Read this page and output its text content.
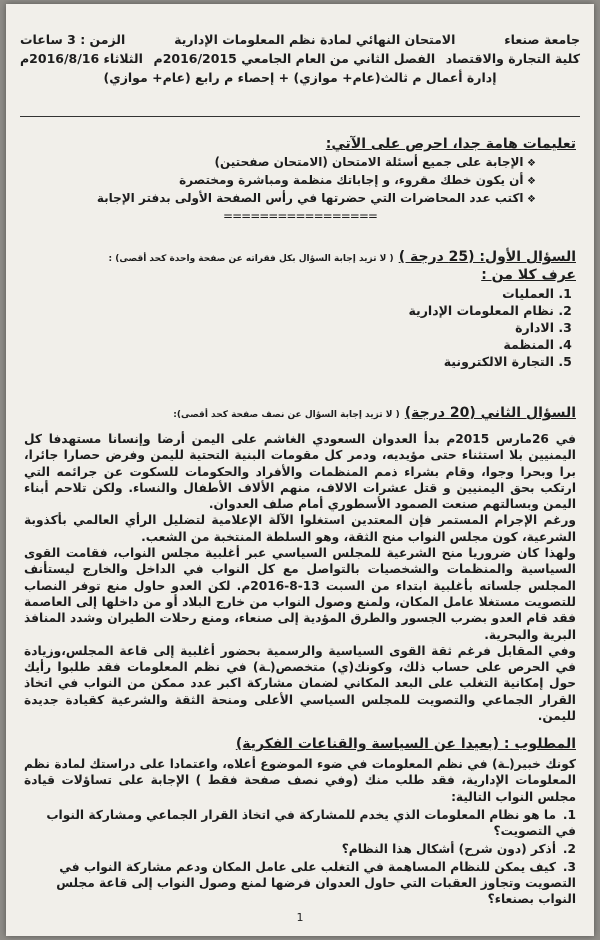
جامعة صنعاء
الامتحان النهائي لمادة نظم المعلومات الإدارية
الزمن : 3 ساعات
كلية التجارة والاقتصاد
الفصل الثاني من العام الجامعي 2016/2015م
الثلاثاء 2016/8/16م
إدارة أعمال م ثالث(عام+ موازي) + إحصاء م رابع (عام+ موازي)
تعليمات هامة جدا، احرص على الآتي:
❖ الإجابة على جميع أسئلة الامتحان (الامتحان صفحتين)
❖ أن يكون خطك مقروء، و إجاباتك منظمة ومباشرة ومختصرة
❖ اكتب عدد المحاضرات التي حضرتها في رأس الصفحة الأولى بدفتر الإجابة
=================
السؤال الأول: (25 درجة ) ( لا تزيد إجابة السؤال بكل فقراته عن صفحة واحدة كحد أقصى) :
عرف كلا من :
1. العمليات
2. نظام المعلومات الإدارية
3. الادارة
4. المنظمة
5. التجارة الالكترونية
السؤال الثاني (20 درجة) ( لا تزيد إجابة السؤال عن نصف صفحة كحد أقصى):
في 26مارس 2015م بدأ العدوان السعودي الغاشم على اليمن أرضا وإنسانا مستهدفا كل اليمنيين بلا استثناء حتى مؤيديه، ودمر كل مقومات البنية التحتية لليمن وفرض حصارا جائرا، برا وبحرا وجوا، وقام بشراء ذمم المنظمات والأفراد والحكومات للسكوت عن جرائمه التي ارتكب بحق اليمنيين و قتل عشرات الالاف، منهم الألاف الأطفال والنساء. ولكن تلاحم أبناء اليمن وبسالتهم صنعت الصمود الأسطوري أمام صلف العدوان.
ورغم الإجرام المستمر فإن المعتدين استغلوا الآلة الإعلامية لتضليل الرأي العالمي بأكذوبة الشرعية، كون مجلس النواب منح الثقة، وهو السلطة المنتخبة من الشعب.
ولهذا كان ضروريا منح الشرعية للمجلس السياسي عبر أغلبية مجلس النواب، فقامت القوى السياسية والمنظمات والشخصيات بالتواصل مع كل النواب في الداخل والخارج ليستأنف المجلس جلساته بأغلبية ابتداء من السبت 13-8-2016م. لكن العدو حاول منع توفر النصاب للتصويت مستغلا عامل المكان، ولمنع وصول النواب من خارج البلاد أو من داخلها إلى العاصمة فقد قام العدو بضرب الجسور والطرق المؤدية إلى صنعاء، ومنع رحلات الطيران وشدد المنافذ البرية والبحرية.
وفي المقابل فرغم ثقة القوى السياسية والرسمية بحضور أغلبية إلى قاعة المجلس،وزيادة في الحرص على حساب ذلك، وكونك(ي) متخصص(ـة) في نظم المعلومات فقد طلبوا رأيك حول إمكانية التغلب على البعد المكاني لضمان مشاركة اكبر عدد ممكن من النواب في اتخاذ القرار الجماعي والتصويت للمجلس السياسي الأعلى ومنحة الثقة والشرعية كقيادة جديدة لليمن.
المطلوب : (بعيدا عن السياسة والقناعات الفكرية)
كونك خبير(ـة) في نظم المعلومات في ضوء الموضوع أعلاه، واعتمادا على دراستك لمادة نظم المعلومات الإدارية، فقد طلب منك (وفي نصف صفحة فقط ) الإجابة على تساؤلات قيادة مجلس النواب التالية:
1.ما هو نظام المعلومات الذي يخدم للمشاركة في اتخاذ القرار الجماعي ومشاركة النواب في التصويت؟
2.أذكر (دون شرح) أشكال هذا النظام؟
3.كيف يمكن للنظام المساهمة في التغلب على عامل المكان ودعم مشاركة النواب في التصويت وتجاوز العقبات التي حاول العدوان فرضها لمنع وصول النواب إلى قاعة مجلس النواب بصنعاء؟
1
